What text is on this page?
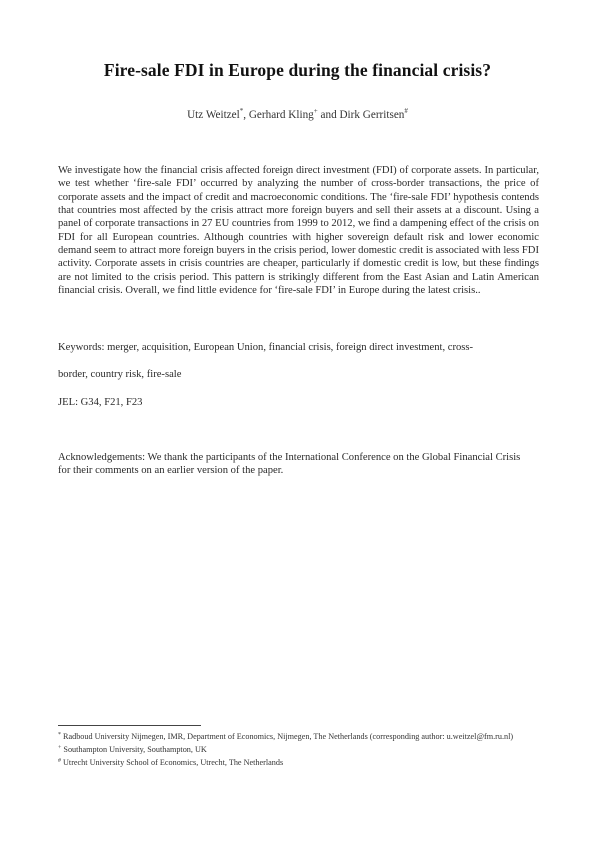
Fire-sale FDI in Europe during the financial crisis?
Utz Weitzel*, Gerhard Kling+ and Dirk Gerritsen#

We investigate how the financial crisis affected foreign direct investment (FDI) of corporate assets. In particular, we test whether ‘fire-sale FDI’ occurred by analyzing the number of cross-border transactions, the price of corporate assets and the impact of credit and macroeconomic conditions. The ‘fire-sale FDI’ hypothesis contends that countries most affected by the crisis attract more foreign buyers and sell their assets at a discount. Using a panel of corporate transactions in 27 EU countries from 1999 to 2012, we find a dampening effect of the crisis on FDI for all European countries. Although countries with higher sovereign default risk and lower economic demand seem to attract more foreign buyers in the crisis period, lower domestic credit is associated with less FDI activity. Corporate assets in crisis countries are cheaper, particularly if domestic credit is low, but these findings are not limited to the crisis period. This pattern is strikingly different from the East Asian and Latin American financial crisis. Overall, we find little evidence for ‘fire-sale FDI’ in Europe during the latest crisis..

Keywords: merger, acquisition, European Union, financial crisis, foreign direct investment, cross-

border, country risk, fire-sale

JEL: G34, F21, F23

Acknowledgements: We thank the participants of the International Conference on the Global Financial Crisis for their comments on an earlier version of the paper.

* Radboud University Nijmegen, IMR, Department of Economics, Nijmegen, The Netherlands (corresponding author: u.weitzel@fm.ru.nl)

+ Southampton University, Southampton, UK

# Utrecht University School of Economics, Utrecht, The Netherlands
